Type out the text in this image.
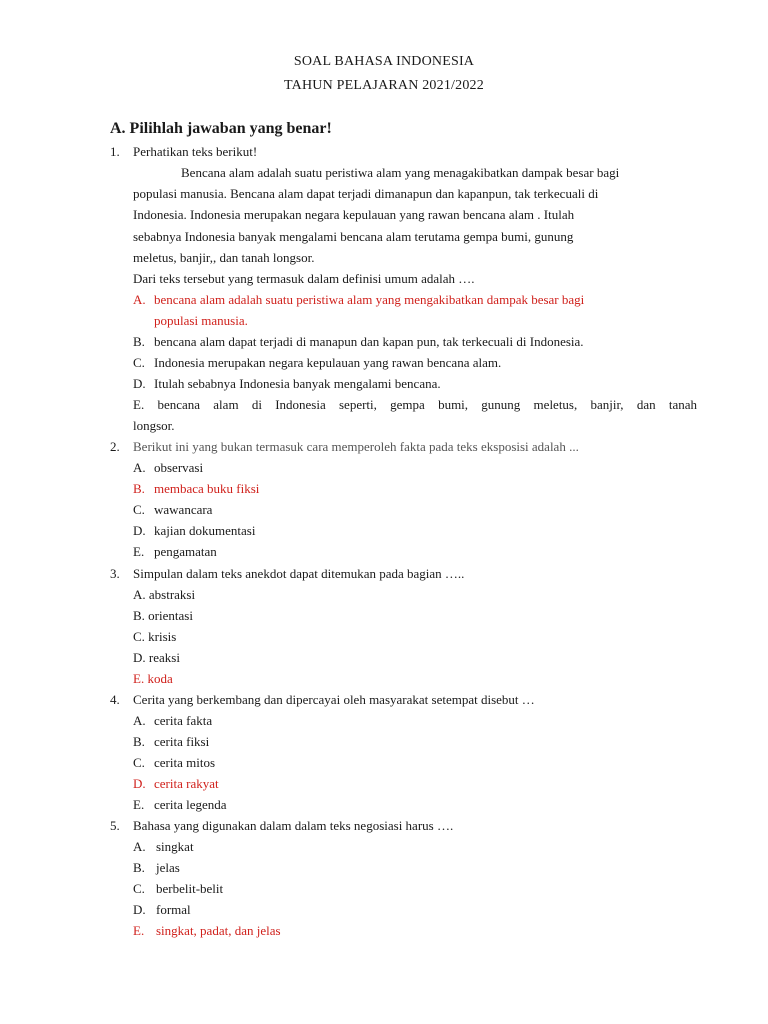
SOAL BAHASA INDONESIA
TAHUN PELAJARAN 2021/2022
A. Pilihlah jawaban yang benar!
1. Perhatikan teks berikut!
Bencana alam adalah suatu peristiwa alam yang menagakibatkan dampak besar bagi
populasi manusia. Bencana alam dapat terjadi dimanapun dan kapanpun, tak terkecuali di
Indonesia. Indonesia merupakan negara kepulauan yang rawan bencana alam . Itulah
sebabnya Indonesia banyak mengalami bencana alam terutama gempa bumi, gunung
meletus, banjir,, dan tanah longsor.
Dari teks tersebut yang termasuk dalam definisi umum adalah ….
A. bencana alam adalah suatu peristiwa alam yang mengakibatkan dampak besar bagi
populasi manusia.
B. bencana alam dapat terjadi di manapun dan kapan pun, tak terkecuali di Indonesia.
C. Indonesia merupakan negara kepulauan yang rawan bencana alam.
D. Itulah sebabnya Indonesia banyak mengalami bencana.
E. bencana alam di Indonesia seperti, gempa bumi, gunung meletus, banjir, dan tanah
longsor.
2. Berikut ini yang bukan termasuk cara memperoleh fakta pada teks eksposisi adalah ...
A. observasi
B. membaca buku fiksi
C. wawancara
D. kajian dokumentasi
E. pengamatan
3. Simpulan dalam teks anekdot dapat ditemukan pada bagian …..
A. abstraksi
B. orientasi
C. krisis
D. reaksi
E. koda
4. Cerita yang berkembang dan dipercayai oleh masyarakat setempat disebut …
A. cerita fakta
B. cerita fiksi
C. cerita mitos
D. cerita rakyat
E. cerita legenda
5. Bahasa yang digunakan dalam dalam teks negosiasi harus ….
A. singkat
B. jelas
C. berbelit-belit
D. formal
E. singkat, padat, dan jelas
